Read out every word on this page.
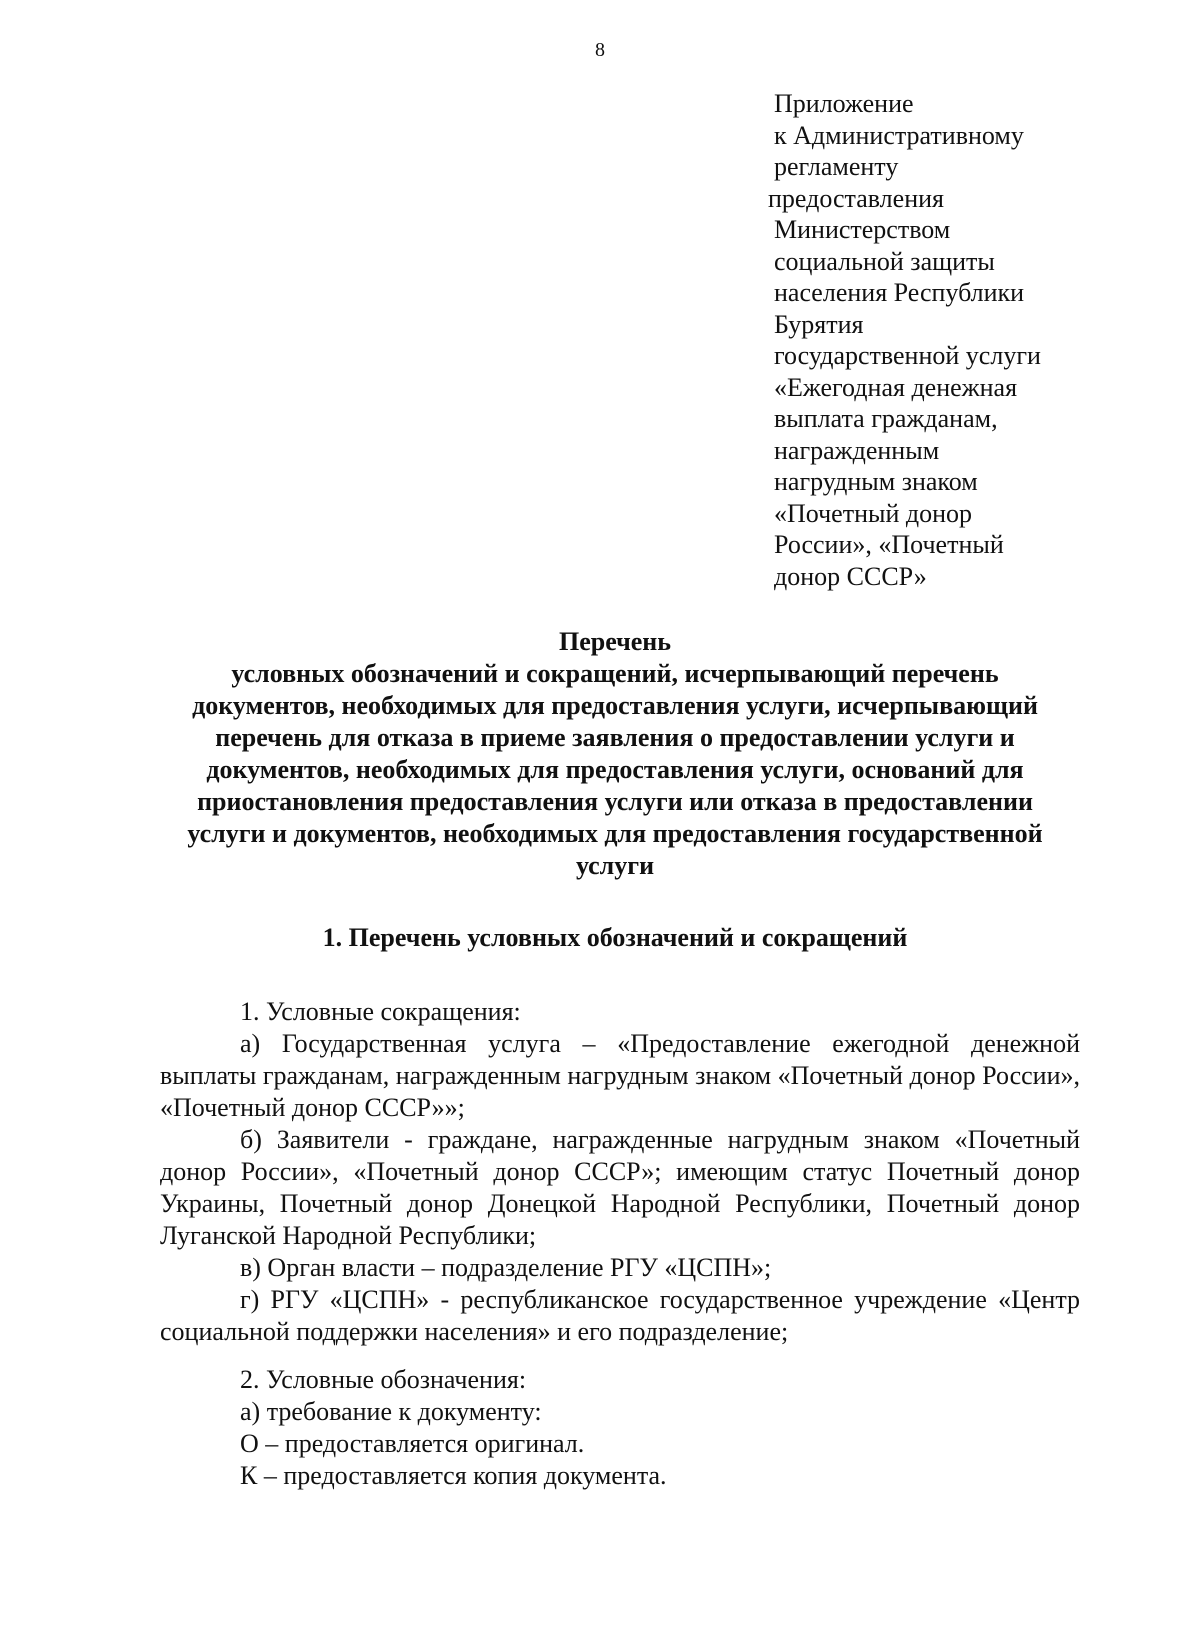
8
Приложение
к Административному
регламенту
предоставления
Министерством
социальной защиты
населения Республики
Бурятия
государственной услуги
«Ежегодная денежная
выплата гражданам,
награжденным
нагрудным знаком
«Почетный донор
России», «Почетный
донор СССР»
Перечень
условных обозначений и сокращений, исчерпывающий перечень
документов, необходимых для предоставления услуги, исчерпывающий
перечень для отказа в приеме заявления о предоставлении услуги и
документов, необходимых для предоставления услуги, оснований для
приостановления предоставления услуги или отказа в предоставлении
услуги и документов, необходимых для предоставления государственной
услуги
1. Перечень условных обозначений и сокращений
1. Условные сокращения:

а) Государственная услуга – «Предоставление ежегодной денежной выплаты гражданам, награжденным нагрудным знаком «Почетный донор России», «Почетный донор СССР»»;

б) Заявители - граждане, награжденные нагрудным знаком «Почетный донор России», «Почетный донор СССР»; имеющим статус Почетный донор Украины, Почетный донор Донецкой Народной Республики, Почетный донор Луганской Народной Республики;

в) Орган власти – подразделение РГУ «ЦСПН»;

г) РГУ «ЦСПН» - республиканское государственное учреждение «Центр социальной поддержки населения» и его подразделение;

2. Условные обозначения:
а) требование к документу:
О – предоставляется оригинал.
К – предоставляется копия документа.
